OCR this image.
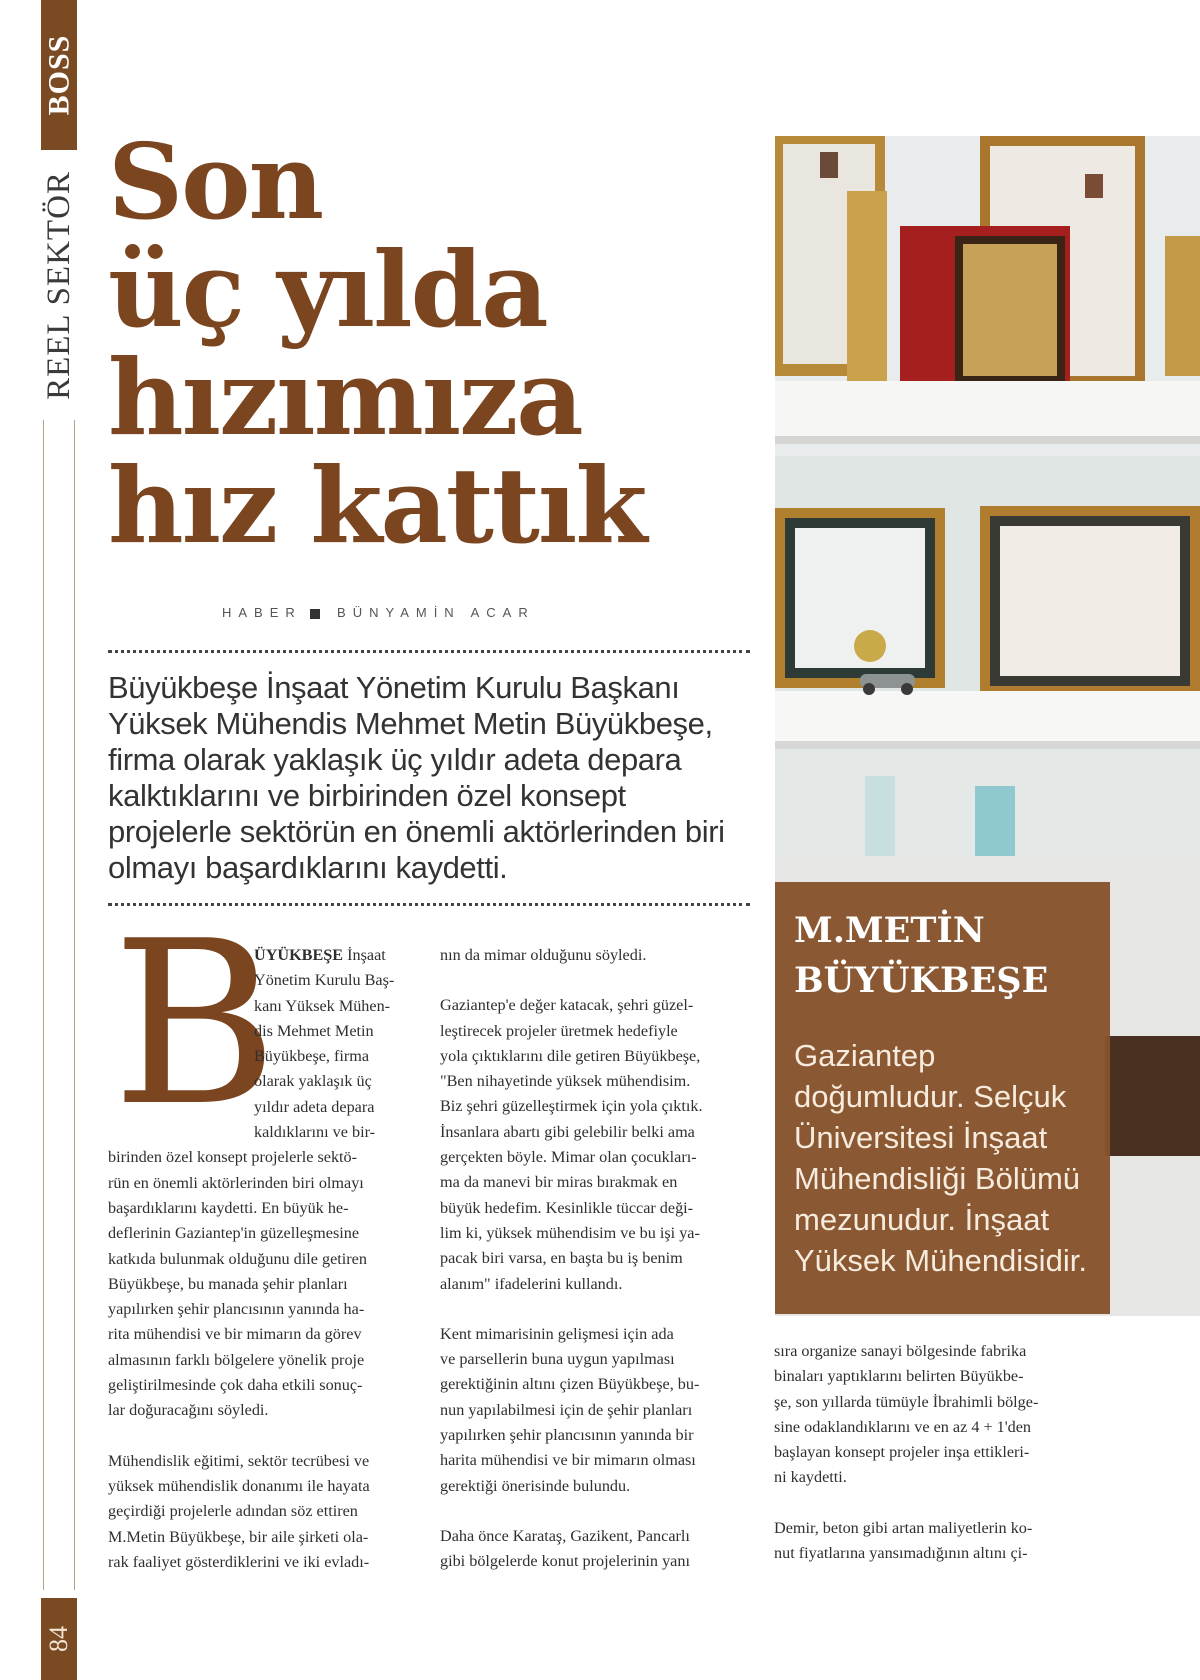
BOSS
REEL SEKTÖR
84
Son
üç yılda
hızımıza
hız kattık
HABER	BÜNYAMİN ACAR

Büyükbeşe İnşaat Yönetim Kurulu Başkanı

Yüksek Mühendis Mehmet Metin Büyükbeşe,

firma olarak yaklaşık üç yıldır adeta depara

kalktıklarını ve birbirinden özel konsept

projelerle sektörün en önemli aktörlerinden biri

olmayı başardıklarını kaydetti.

B

ÜYÜKBEŞE İnşaat

Yönetim Kurulu Baş-

kanı Yüksek Mühen-

dis Mehmet Metin

Büyükbeşe, firma

olarak yaklaşık üç

yıldır adeta depara

kaldıklarını ve bir-

birinden özel konsept projelerle sektö-

rün en önemli aktörlerinden biri olmayı

başardıklarını kaydetti. En büyük he-

deflerinin Gaziantep'in güzelleşmesine

katkıda bulunmak olduğunu dile getiren

Büyükbeşe, bu manada şehir planları

yapılırken şehir plancısının yanında ha-

rita mühendisi ve bir mimarın da görev

almasının farklı bölgelere yönelik proje

geliştirilmesinde çok daha etkili sonuç-

lar doğuracağını söyledi.

Mühendislik eğitimi, sektör tecrübesi ve

yüksek mühendislik donanımı ile hayata

geçirdiği projelerle adından söz ettiren

M.Metin Büyükbeşe, bir aile şirketi ola-

rak faaliyet gösterdiklerini ve iki evladı-

nın da mimar olduğunu söyledi.

Gaziantep'e değer katacak, şehri güzel-

leştirecek projeler üretmek hedefiyle

yola çıktıklarını dile getiren Büyükbeşe,

"Ben nihayetinde yüksek mühendisim.

Biz şehri güzelleştirmek için yola çıktık.

İnsanlara abartı gibi gelebilir belki ama

gerçekten böyle. Mimar olan çocukları-

ma da manevi bir miras bırakmak en

büyük hedefim. Kesinlikle tüccar deği-

lim ki, yüksek mühendisim ve bu işi ya-

pacak biri varsa, en başta bu iş benim

alanım" ifadelerini kullandı.

Kent mimarisinin gelişmesi için ada

ve parsellerin buna uygun yapılması

gerektiğinin altını çizen Büyükbeşe, bu-

nun yapılabilmesi için de şehir planları

yapılırken şehir plancısının yanında bir

harita mühendisi ve bir mimarın olması

gerektiği önerisinde bulundu.

Daha önce Karataş, Gazikent, Pancarlı

gibi bölgelerde konut projelerinin yanı

M.METİN
BÜYÜKBEŞE
Gaziantep
doğumludur. Selçuk
Üniversitesi İnşaat
Mühendisliği Bölümü
mezunudur. İnşaat
Yüksek Mühendisidir.

sıra organize sanayi bölgesinde fabrika

binaları yaptıklarını belirten Büyükbe-

şe, son yıllarda tümüyle İbrahimli bölge-

sine odaklandıklarını ve en az 4 + 1'den

başlayan konsept projeler inşa ettikleri-

ni kaydetti.

Demir, beton gibi artan maliyetlerin ko-

nut fiyatlarına yansımadığının altını çi-
